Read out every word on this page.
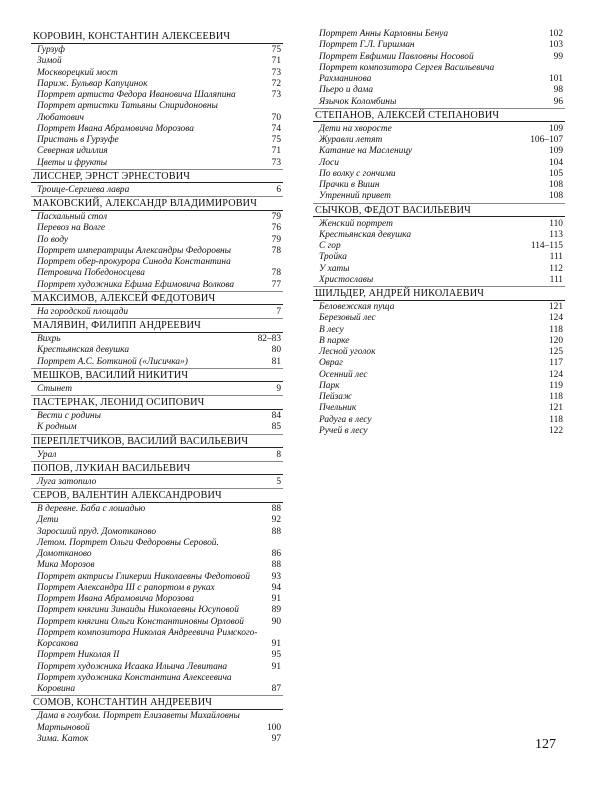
КОРОВИН, КОНСТАНТИН АЛЕКСЕЕВИЧ
Гурзуф	75
Зимой	71
Москворецкий мост	73
Париж. Бульвар Капуцинок	72
Портрет артиста Федора Ивановича Шаляпина	73
Портрет артистки Татьяны Спиридоновны Любатович	70
Портрет Ивана Абрамовича Морозова	74
Пристань в Гурзуфе	75
Северная идиллия	71
Цветы и фрукты	73
ЛИССНЕР, ЭРНСТ ЭРНЕСТОВИЧ
Троице-Сергиева лавра	6
МАКОВСКИЙ, АЛЕКСАНДР ВЛАДИМИРОВИЧ
Пасхальный стол	79
Перевоз на Волге	76
По воду	79
Портрет императрицы Александры Федоровны	78
Портрет обер-прокурора Синода Константина Петровича Победоносцева	78
Портрет художника Ефима Ефимовича Волкова	77
МАКСИМОВ, АЛЕКСЕЙ ФЕДОТОВИЧ
На городской площади	7
МАЛЯВИН, ФИЛИПП АНДРЕЕВИЧ
Вихрь	82–83
Крестьянская девушка	80
Портрет А.С. Боткиной («Лисичка»)	81
МЕШКОВ, ВАСИЛИЙ НИКИТИЧ
Стынет	9
ПАСТЕРНАК, ЛЕОНИД ОСИПОВИЧ
Вести с родины	84
К родным	85
ПЕРЕПЛЕТЧИКОВ, ВАСИЛИЙ ВАСИЛЬЕВИЧ
Урал	8
ПОПОВ, ЛУКИАН ВАСИЛЬЕВИЧ
Луга затопило	5
СЕРОВ, ВАЛЕНТИН АЛЕКСАНДРОВИЧ
В деревне. Баба с лошадью	88
Дети	92
Заросший пруд. Домотканово	88
Летом. Портрет Ольги Федоровны Серовой. Домотканово	86
Мика Морозов	88
Портрет актрисы Гликерии Николаевны Федотовой	93
Портрет Александра III с рапортом в руках	94
Портрет Ивана Абрамовича Морозова	91
Портрет княгини Зинаиды Николаевны Юсуповой	89
Портрет княгини Ольги Константиновны Орловой	90
Портрет композитора Николая Андреевича Римского-Корсакова	91
Портрет Николая II	95
Портрет художника Исаака Ильича Левитана	91
Портрет художника Константина Алексеевича Коровина	87
СОМОВ, КОНСТАНТИН АНДРЕЕВИЧ
Дама в голубом. Портрет Елизаветы Михайловны Мартыновой	100
Зима. Каток	97
Портрет Анны Карловны Бенуа	102
Портрет Г.Л. Гиршман	103
Портрет Евфимии Павловны Носовой	99
Портрет композитора Сергея Васильевича Рахманинова	101
Пьеро и дама	98
Язычок Коломбины	96
СТЕПАНОВ, АЛЕКСЕЙ СТЕПАНОВИЧ
Дети на хворосте	109
Журавли летят	106–107
Катание на Масленицу	109
Лоси	104
По волку с гончими	105
Прачки в Вишн	108
Утренний привет	108
СЫЧКОВ, ФЕДОТ ВАСИЛЬЕВИЧ
Женский портрет	110
Крестьянская девушка	113
С гор	114–115
Тройка	111
У хаты	112
Христославы	111
ШИЛЬДЕР, АНДРЕЙ НИКОЛАЕВИЧ
Беловежская пуща	121
Березовый лес	124
В лесу	118
В парке	120
Лесной уголок	125
Овраг	117
Осенний лес	124
Парк	119
Пейзаж	118
Пчельник	121
Радуга в лесу	118
Ручей в лесу	122
127
